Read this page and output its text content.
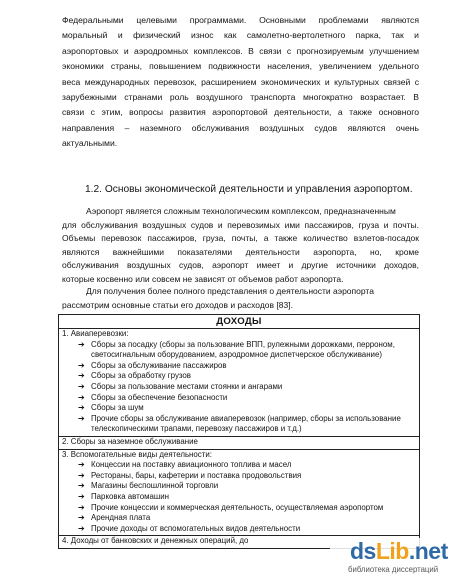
Федеральными целевыми программами. Основными проблемами являются
моральный и физический износ как самолетно-вертолетного парка, так и
аэропортовых и аэродромных комплексов. В связи с прогнозируемым улучшением
экономики страны, повышением подвижности населения, увеличением удельного
веса международных перевозок, расширением экономических и культурных связей с
зарубежными странами роль воздушного транспорта многократно возрастает. В
связи с этим, вопросы развития аэропортовой деятельности, а также основного
направления – наземного обслуживания воздушных судов являются очень
актуальными.
1.2. Основы экономической деятельности и управления аэропортом.
Аэропорт является сложным технологическим комплексом, предназначенным
для обслуживания воздушных судов и перевозимых ими пассажиров, груза и почты.
Объемы перевозок пассажиров, груза, почты, а также количество взлетов-посадок
являются важнейшими показателями деятельности аэропорта, но, кроме
обслуживания воздушных судов, аэропорт имеет и другие источники доходов,
которые косвенно или совсем не зависят от объемов работ аэропорта.
Для получения более полного представления о деятельности аэропорта
рассмотрим основные статьи его доходов и расходов [83].
ДОХОДЫ
1. Авиаперевозки:
➔ Сборы за посадку (сборы за пользование ВПП, рулежными дорожками, перроном, светосигнальным оборудованием, аэродромное диспетчерское обслуживание)
➔ Сборы за обслуживание пассажиров
➔ Сборы за обработку грузов
➔ Сборы за пользование местами стоянки и ангарами
➔ Сборы за обеспечение безопасности
➔ Сборы за шум
➔ Прочие сборы за обслуживание авиаперевозок (например, сборы за использование телескопическими трапами, перевозку пассажиров и т.д.)
2. Сборы за наземное обслуживание
3. Вспомогательные виды деятельности:
➔ Концессии на поставку авиационного топлива и масел
➔ Рестораны, бары, кафетерии и поставка продовольствия
➔ Магазины беспошлинной торговли
➔ Парковка автомашин
➔ Прочие концессии и коммерческая деятельность, осуществляемая аэропортом
➔ Арендная плата
➔ Прочие доходы от вспомогательных видов деятельности
4. Доходы от банковских и денежных операций, до	dsLib.net
библиотека диссертаций
